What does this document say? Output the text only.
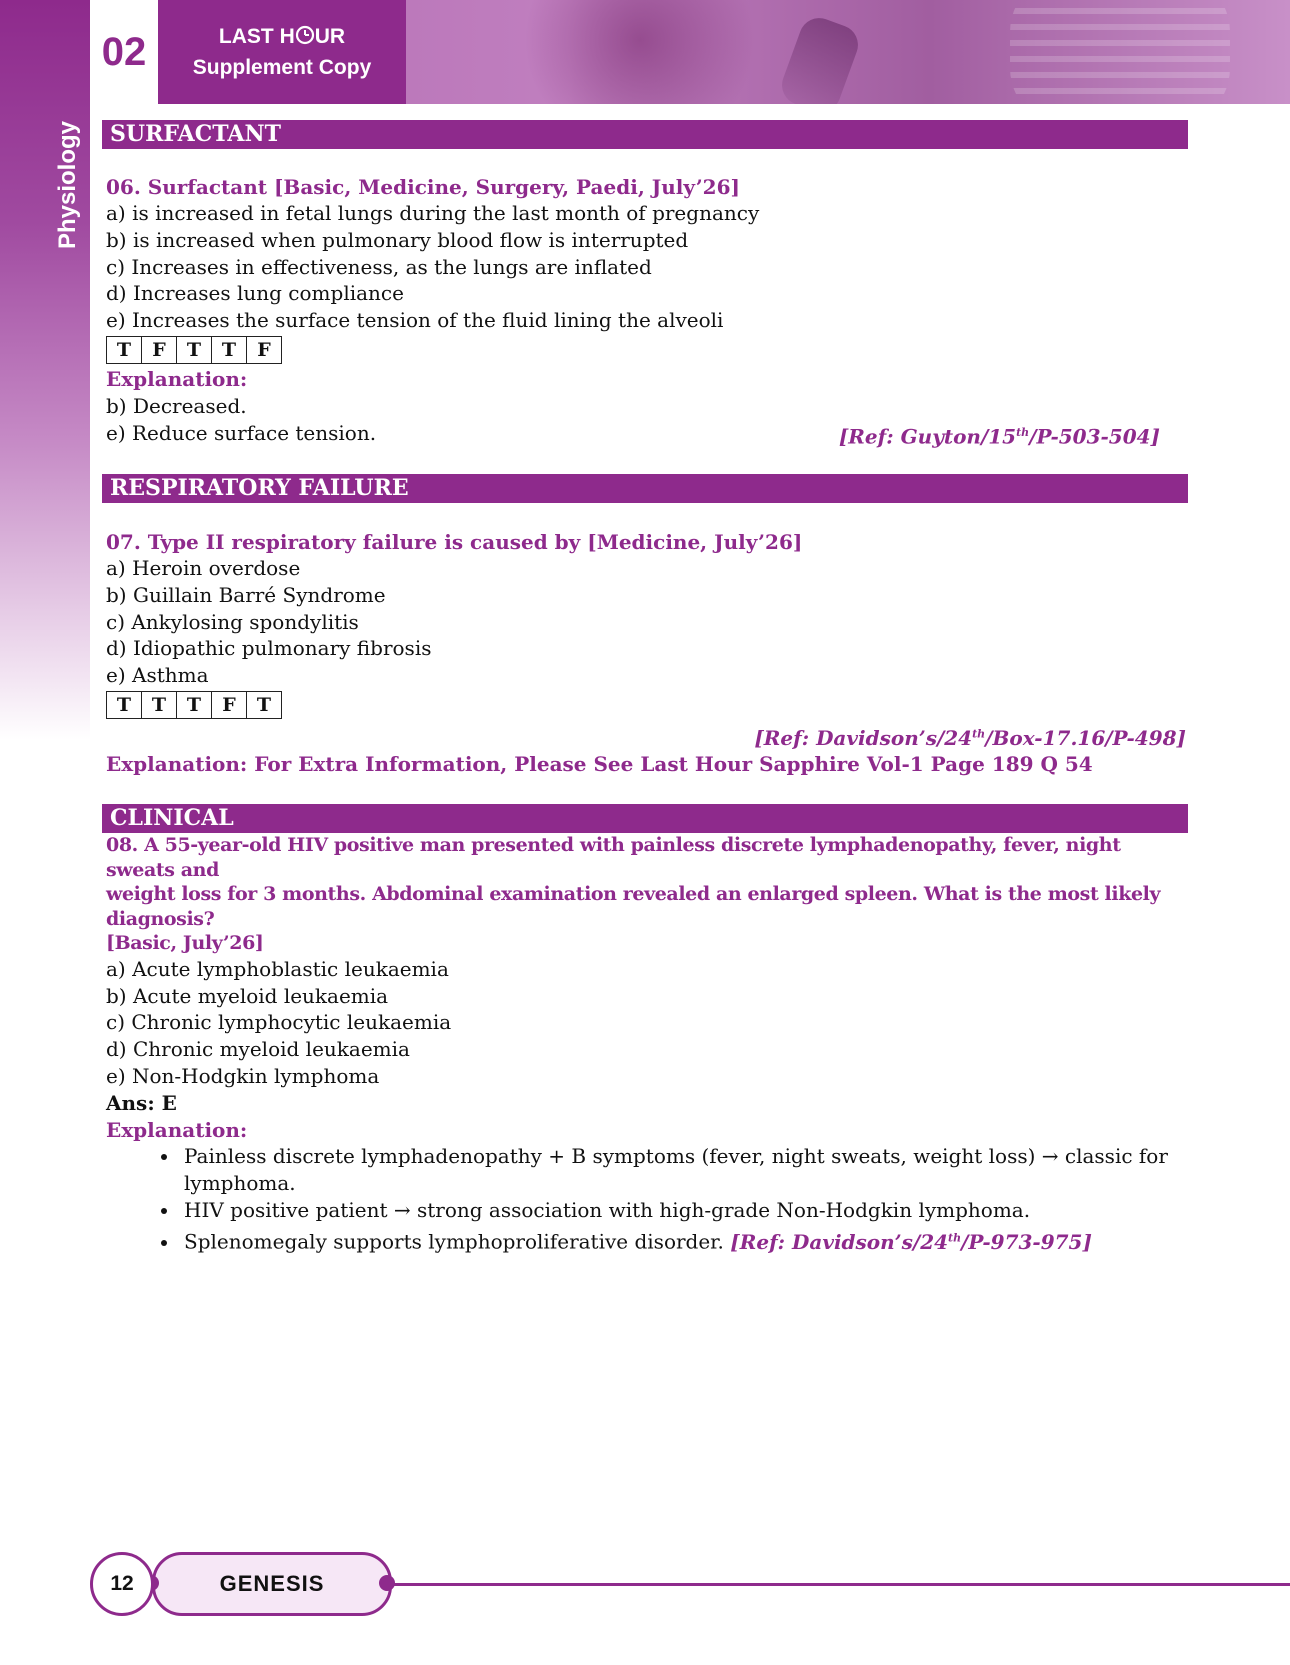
Physiology
02	LAST H UR
Supplement Copy
SURFACTANT
06. Surfactant [Basic, Medicine, Surgery, Paedi, July’26]
a) is increased in fetal lungs during the last month of pregnancy
b) is increased when pulmonary blood flow is interrupted
c) Increases in effectiveness, as the lungs are inflated
d) Increases lung compliance
e) Increases the surface tension of the fluid lining the alveoli
T	F	T	T	F
Explanation:
b) Decreased.
e) Reduce surface tension.	[Ref: Guyton/15th/P-503-504]
RESPIRATORY FAILURE
07. Type II respiratory failure is caused by [Medicine, July’26]
a) Heroin overdose
b) Guillain Barré Syndrome
c) Ankylosing spondylitis
d) Idiopathic pulmonary fibrosis
e) Asthma
T	T	T	F	T
[Ref: Davidson’s/24th/Box-17.16/P-498]
Explanation: For Extra Information, Please See Last Hour Sapphire Vol-1 Page 189 Q 54
CLINICAL
08. A 55-year-old HIV positive man presented with painless discrete lymphadenopathy, fever, night sweats and
weight loss for 3 months. Abdominal examination revealed an enlarged spleen. What is the most likely diagnosis?
[Basic, July’26]
a) Acute lymphoblastic leukaemia
b) Acute myeloid leukaemia
c) Chronic lymphocytic leukaemia
d) Chronic myeloid leukaemia
e) Non-Hodgkin lymphoma
Ans: E
Explanation:
• Painless discrete lymphadenopathy + B symptoms (fever, night sweats, weight loss) → classic for lymphoma.
• HIV positive patient → strong association with high-grade Non-Hodgkin lymphoma.
• Splenomegaly supports lymphoproliferative disorder. [Ref: Davidson’s/24th/P-973-975]
GENESIS
12
